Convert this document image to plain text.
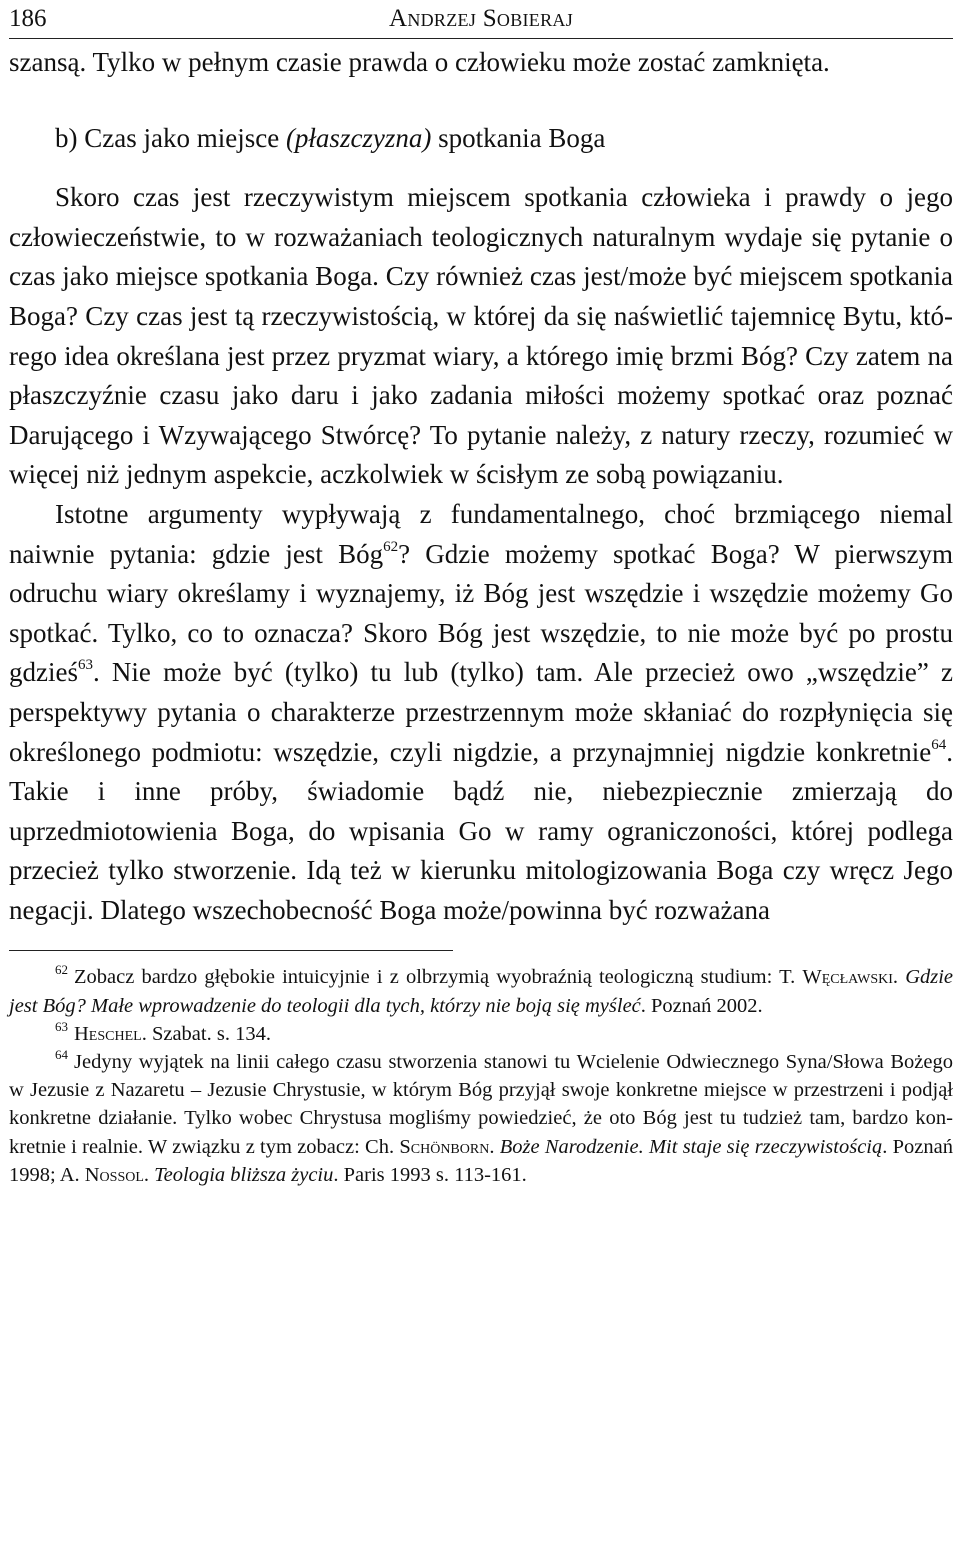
186	Andrzej Sobieraj

szansą. Tylko w pełnym czasie prawda o człowieku może zostać zamknięta.

b) Czas jako miejsce (płaszczyzna) spotkania Boga

Skoro czas jest rzeczywistym miejscem spotkania człowieka i prawdy o jego człowieczeństwie, to w rozważaniach teologicznych naturalnym wydaje się pytanie o czas jako miejsce spotkania Boga. Czy również czas jest/może być miejscem spotkania Boga? Czy czas jest tą rzeczywistością, w której da się naświetlić tajemnicę Bytu, którego idea określana jest przez pryzmat wiary, a którego imię brzmi Bóg? Czy zatem na płaszczyźnie czasu jako daru i jako zadania miłości możemy spotkać oraz poznać Darującego i Wzywającego Stwórcę? To pytanie należy, z natury rzeczy, rozumieć w więcej niż jednym aspekcie, aczkolwiek w ścisłym ze sobą powiązaniu.

Istotne argumenty wypływają z fundamentalnego, choć brzmiącego niemal naiwnie pytania: gdzie jest Bóg$^{62}$? Gdzie możemy spotkać Boga? W pierwszym odruchu wiary określamy i wyznajemy, iż Bóg jest wszędzie i wszędzie możemy Go spotkać. Tylko, co to oznacza? Skoro Bóg jest wszędzie, to nie może być po prostu gdzieś$^{63}$. Nie może być (tylko) tu lub (tylko) tam. Ale przecież owo „wszędzie” z perspektywy pytania o charakterze przestrzennym może skłaniać do rozpłynięcia się określonego podmiotu: wszędzie, czyli nigdzie, a przynajmniej nigdzie konkretnie$^{64}$. Takie i inne próby, świadomie bądź nie, niebezpiecznie zmierzają do uprzedmiotowienia Boga, do wpisania Go w ramy ograniczoności, której podlega przecież tylko stworzenie. Idą też w kierunku mitologizowania Boga czy wręcz Jego negacji. Dlatego wszechobecność Boga może/powinna być rozważana

$^{62}$ Zobacz bardzo głębokie intuicyjnie i z olbrzymią wyobraźnią teologiczną studium: T. Węcławski. Gdzie jest Bóg? Małe wprowadzenie do teologii dla tych, którzy nie boją się myśleć. Poznań 2002.

$^{63}$ Heschel. Szabat. s. 134.

$^{64}$ Jedyny wyjątek na linii całego czasu stworzenia stanowi tu Wcielenie Odwiecznego Syna/Słowa Bożego w Jezusie z Nazaretu – Jezusie Chrystusie, w którym Bóg przyjął swoje konkretne miejsce w przestrzeni i podjął konkretne działanie. Tylko wobec Chrystusa mogliśmy powiedzieć, że oto Bóg jest tu tudzież tam, bardzo konkretnie i realnie. W związku z tym zobacz: Ch. Schönborn. Boże Narodzenie. Mit staje się rzeczywistością. Poznań 1998; A. Nossol. Teologia bliższa życiu. Paris 1993 s. 113-161.
